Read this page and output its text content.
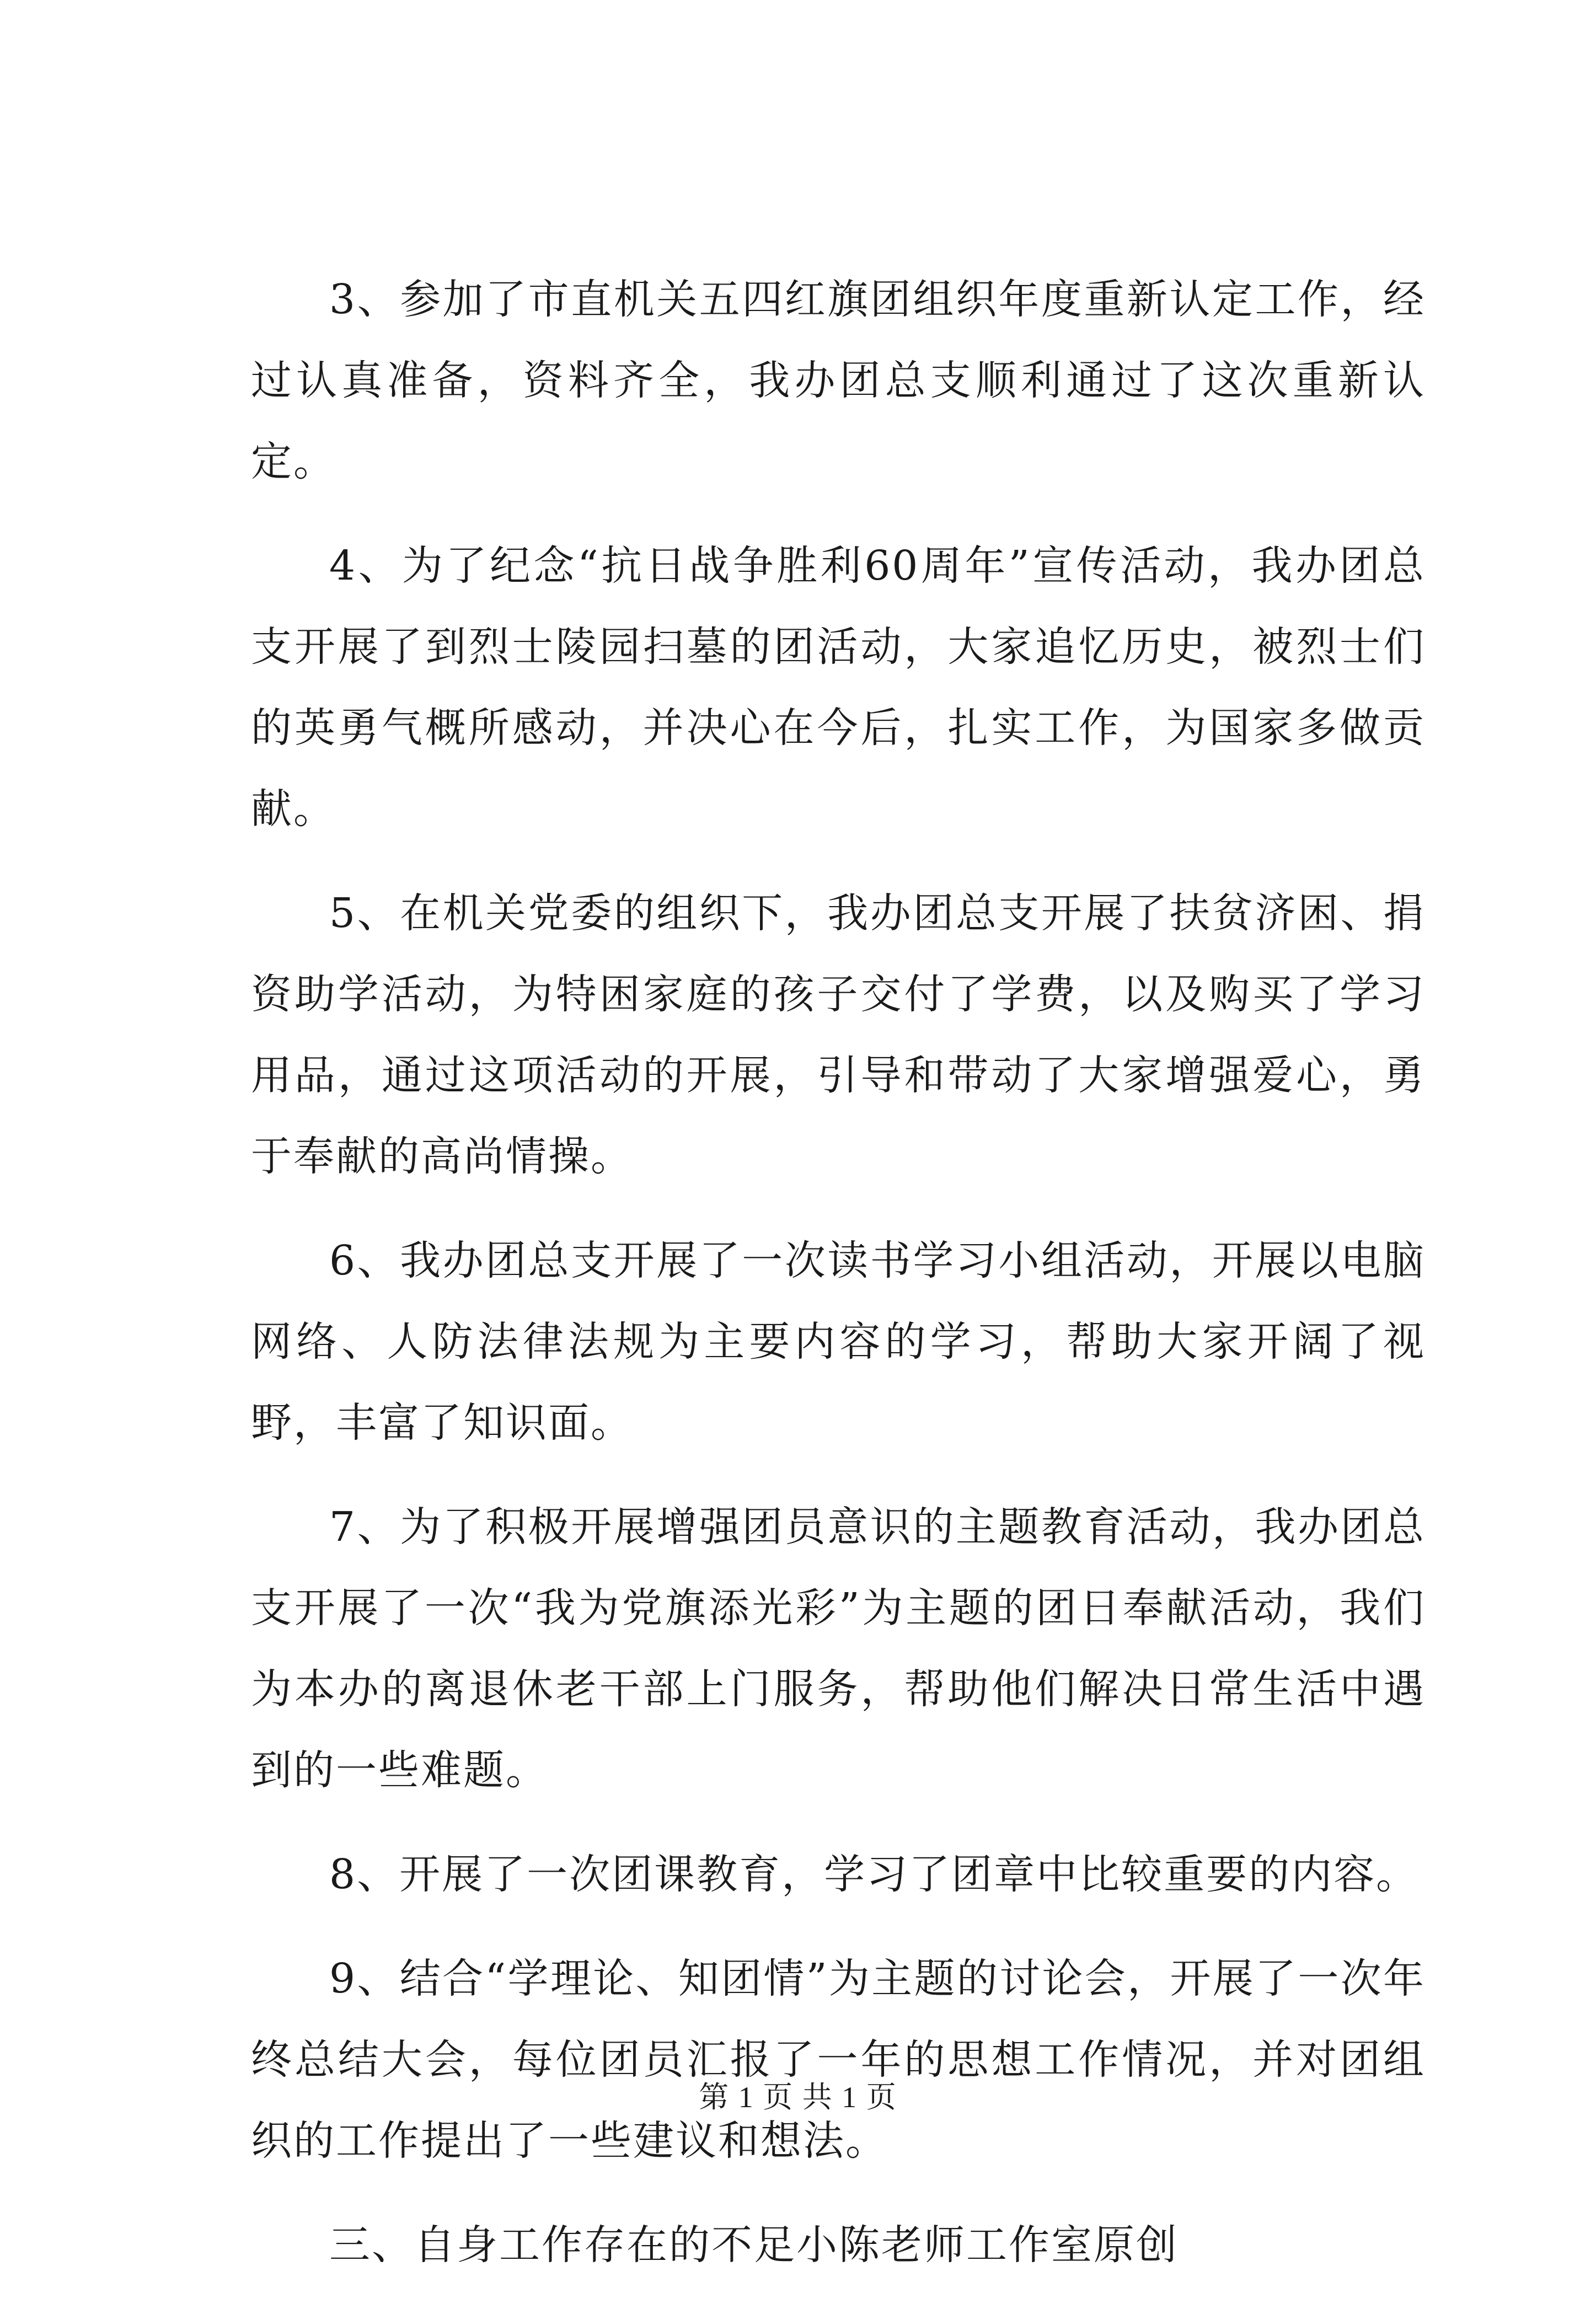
3、参加了市直机关五四红旗团组织年度重新认定工作，经过认真准备，资料齐全，我办团总支顺利通过了这次重新认定。

4、为了纪念“抗日战争胜利60周年”宣传活动，我办团总支开展了到烈士陵园扫墓的团活动，大家追忆历史，被烈士们的英勇气概所感动，并决心在今后，扎实工作，为国家多做贡献。

5、在机关党委的组织下，我办团总支开展了扶贫济困、捐资助学活动，为特困家庭的孩子交付了学费，以及购买了学习用品，通过这项活动的开展，引导和带动了大家增强爱心，勇于奉献的高尚情操。

6、我办团总支开展了一次读书学习小组活动，开展以电脑网络、人防法律法规为主要内容的学习，帮助大家开阔了视野，丰富了知识面。

7、为了积极开展增强团员意识的主题教育活动，我办团总支开展了一次“我为党旗添光彩”为主题的团日奉献活动，我们为本办的离退休老干部上门服务，帮助他们解决日常生活中遇到的一些难题。

8、开展了一次团课教育，学习了团章中比较重要的内容。

9、结合“学理论、知团情”为主题的讨论会，开展了一次年终总结大会，每位团员汇报了一年的思想工作情况，并对团组织的工作提出了一些建议和想法。

三、自身工作存在的不足小陈老师工作室原创

第 1 页 共 1 页
